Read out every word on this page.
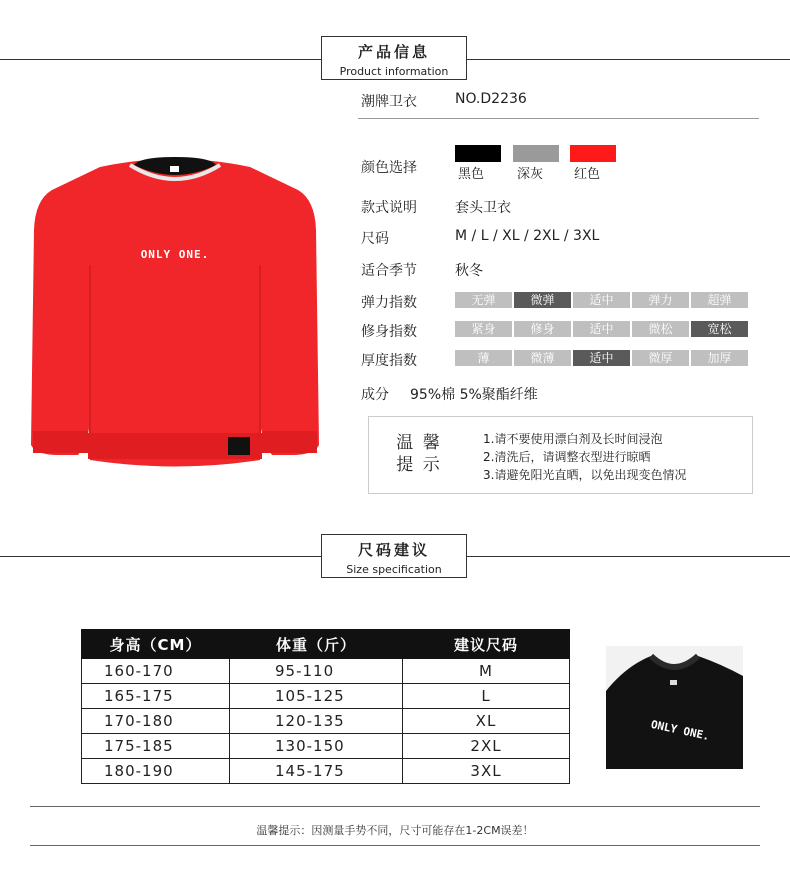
产品信息
Product information
ONLY ONE.
潮牌卫衣	NO.D2236
颜色选择	黑色	深灰 红色
款式说明	套头卫衣
尺码	M / L / XL / 2XL / 3XL
适合季节	秋冬
弹力指数	无弹	微弹	适中	弹力	超弹
修身指数	紧身	修身	适中	微松	宽松
厚度指数	薄	微薄	适中	微厚	加厚
成分 95%棉 5%聚酯纤维
温 馨
提 示
1.请不要使用漂白剂及长时间浸泡
2.清洗后，请调整衣型进行晾晒
3.请避免阳光直晒，以免出现变色情况
尺码建议
Size specification
身高（CM）	体重（斤）	建议尺码
160-170	95-110	M
165-175	105-125	L
170-180	120-135	XL
175-185	130-150	2XL
180-190	145-175	3XL
ONLY ONE.
温馨提示：因测量手势不同，尺寸可能存在1-2CM误差！
